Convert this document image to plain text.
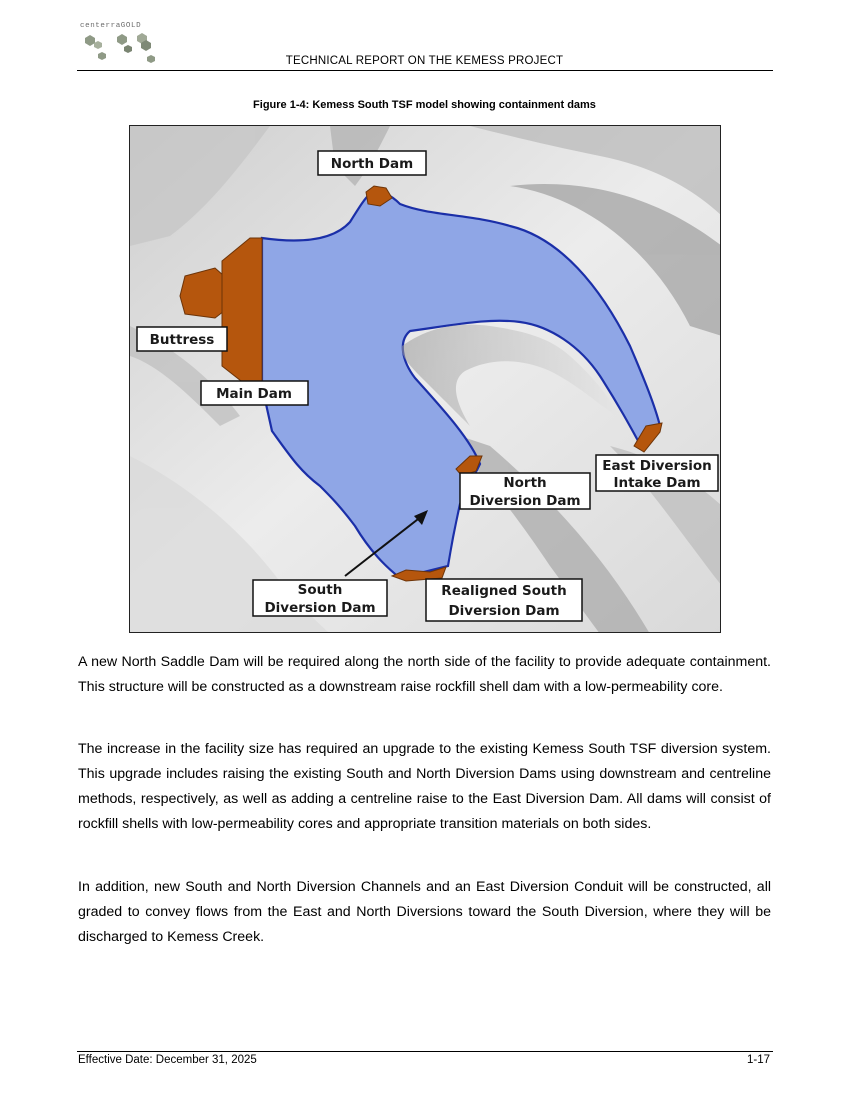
centerraGOLD
TECHNICAL REPORT ON THE KEMESS PROJECT
Figure 1-4: Kemess South TSF model showing containment dams
North Dam
Buttress
Main Dam
East Diversion
Intake Dam
North
Diversion Dam
South
Diversion Dam
Realigned South
Diversion Dam

A new North Saddle Dam will be required along the north side of the facility to provide adequate containment. This structure will be constructed as a downstream raise rockfill shell dam with a low-permeability core.

The increase in the facility size has required an upgrade to the existing Kemess South TSF diversion system. This upgrade includes raising the existing South and North Diversion Dams using downstream and centreline methods, respectively, as well as adding a centreline raise to the East Diversion Dam. All dams will consist of rockfill shells with low-permeability cores and appropriate transition materials on both sides.

In addition, new South and North Diversion Channels and an East Diversion Conduit will be constructed, all graded to convey flows from the East and North Diversions toward the South Diversion, where they will be discharged to Kemess Creek.

Effective Date: December 31, 2025	1-17
